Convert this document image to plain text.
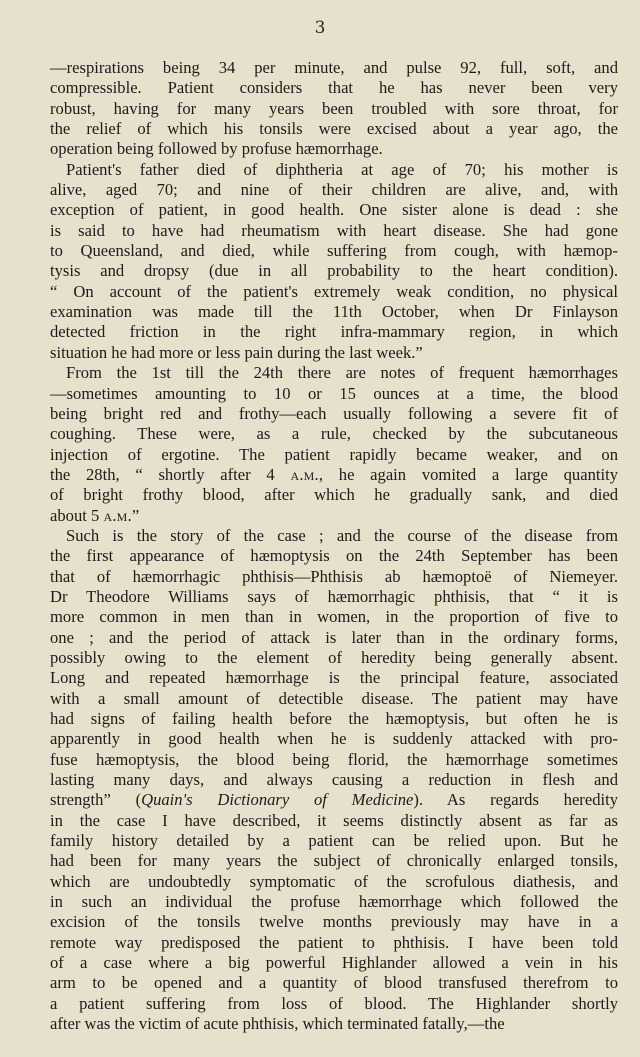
3
—respirations being 34 per minute, and pulse 92, full, soft, and
compressible. Patient considers that he has never been very
robust, having for many years been troubled with sore throat, for
the relief of which his tonsils were excised about a year ago, the
operation being followed by profuse hæmorrhage.
Patient's father died of diphtheria at age of 70; his mother is
alive, aged 70; and nine of their children are alive, and, with
exception of patient, in good health. One sister alone is dead : she
is said to have had rheumatism with heart disease. She had gone
to Queensland, and died, while suffering from cough, with hæmop-
tysis and dropsy (due in all probability to the heart condition).
“ On account of the patient's extremely weak condition, no physical
examination was made till the 11th October, when Dr Finlayson
detected friction in the right infra-mammary region, in which
situation he had more or less pain during the last week.”
From the 1st till the 24th there are notes of frequent hæmorrhages
—sometimes amounting to 10 or 15 ounces at a time, the blood
being bright red and frothy—each usually following a severe fit of
coughing. These were, as a rule, checked by the subcutaneous
injection of ergotine. The patient rapidly became weaker, and on
the 28th, “ shortly after 4 a.m., he again vomited a large quantity
of bright frothy blood, after which he gradually sank, and died
about 5 a.m.”
Such is the story of the case ; and the course of the disease from
the first appearance of hæmoptysis on the 24th September has been
that of hæmorrhagic phthisis—Phthisis ab hæmoptoë of Niemeyer.
Dr Theodore Williams says of hæmorrhagic phthisis, that “ it is
more common in men than in women, in the proportion of five to
one ; and the period of attack is later than in the ordinary forms,
possibly owing to the element of heredity being generally absent.
Long and repeated hæmorrhage is the principal feature, associated
with a small amount of detectible disease. The patient may have
had signs of failing health before the hæmoptysis, but often he is
apparently in good health when he is suddenly attacked with pro-
fuse hæmoptysis, the blood being florid, the hæmorrhage sometimes
lasting many days, and always causing a reduction in flesh and
strength” (Quain's Dictionary of Medicine). As regards heredity
in the case I have described, it seems distinctly absent as far as
family history detailed by a patient can be relied upon. But he
had been for many years the subject of chronically enlarged tonsils,
which are undoubtedly symptomatic of the scrofulous diathesis, and
in such an individual the profuse hæmorrhage which followed the
excision of the tonsils twelve months previously may have in a
remote way predisposed the patient to phthisis. I have been told
of a case where a big powerful Highlander allowed a vein in his
arm to be opened and a quantity of blood transfused therefrom to
a patient suffering from loss of blood. The Highlander shortly
after was the victim of acute phthisis, which terminated fatally,—the
